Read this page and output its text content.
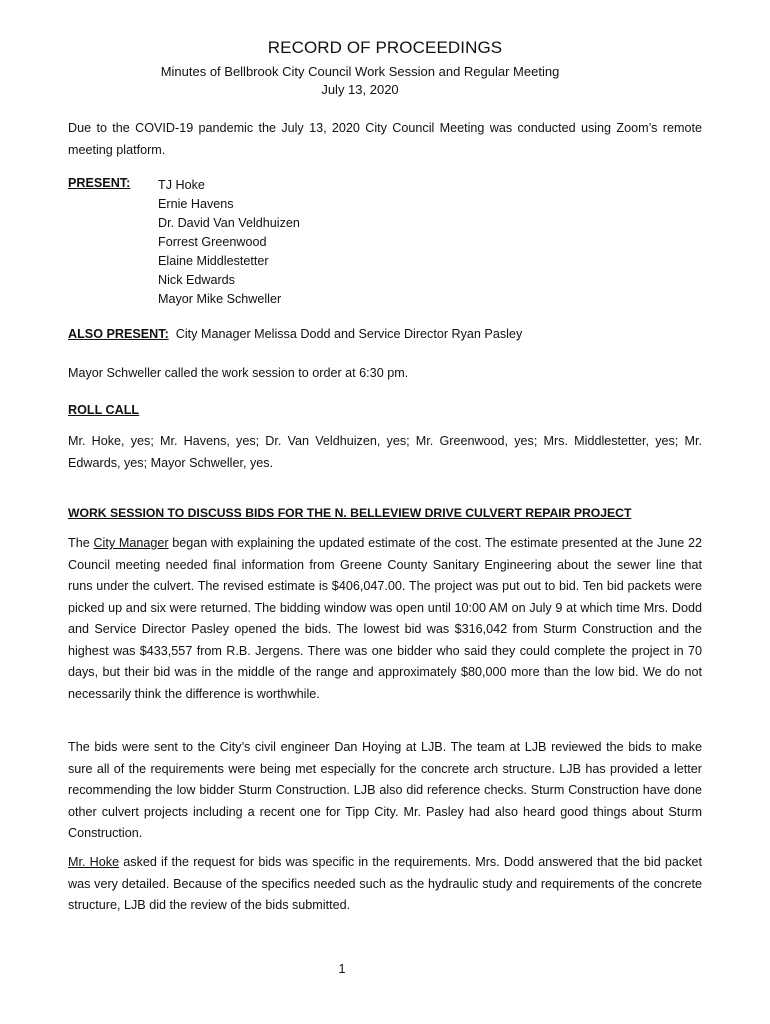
RECORD OF PROCEEDINGS
Minutes of Bellbrook City Council Work Session and Regular Meeting
July 13, 2020
Due to the COVID-19 pandemic the July 13, 2020 City Council Meeting was conducted using Zoom’s remote meeting platform.
PRESENT: TJ Hoke
Ernie Havens
Dr. David Van Veldhuizen
Forrest Greenwood
Elaine Middlestetter
Nick Edwards
Mayor Mike Schweller
ALSO PRESENT: City Manager Melissa Dodd and Service Director Ryan Pasley
Mayor Schweller called the work session to order at 6:30 pm.
ROLL CALL
Mr. Hoke, yes; Mr. Havens, yes; Dr. Van Veldhuizen, yes; Mr. Greenwood, yes; Mrs. Middlestetter, yes; Mr. Edwards, yes; Mayor Schweller, yes.
WORK SESSION TO DISCUSS BIDS FOR THE N. BELLEVIEW DRIVE CULVERT REPAIR PROJECT
The City Manager began with explaining the updated estimate of the cost. The estimate presented at the June 22 Council meeting needed final information from Greene County Sanitary Engineering about the sewer line that runs under the culvert. The revised estimate is $406,047.00. The project was put out to bid. Ten bid packets were picked up and six were returned. The bidding window was open until 10:00 AM on July 9 at which time Mrs. Dodd and Service Director Pasley opened the bids. The lowest bid was $316,042 from Sturm Construction and the highest was $433,557 from R.B. Jergens. There was one bidder who said they could complete the project in 70 days, but their bid was in the middle of the range and approximately $80,000 more than the low bid. We do not necessarily think the difference is worthwhile.
The bids were sent to the City’s civil engineer Dan Hoying at LJB. The team at LJB reviewed the bids to make sure all of the requirements were being met especially for the concrete arch structure. LJB has provided a letter recommending the low bidder Sturm Construction. LJB also did reference checks. Sturm Construction have done other culvert projects including a recent one for Tipp City. Mr. Pasley had also heard good things about Sturm Construction.
Mr. Hoke asked if the request for bids was specific in the requirements. Mrs. Dodd answered that the bid packet was very detailed. Because of the specifics needed such as the hydraulic study and requirements of the concrete structure, LJB did the review of the bids submitted.
1
